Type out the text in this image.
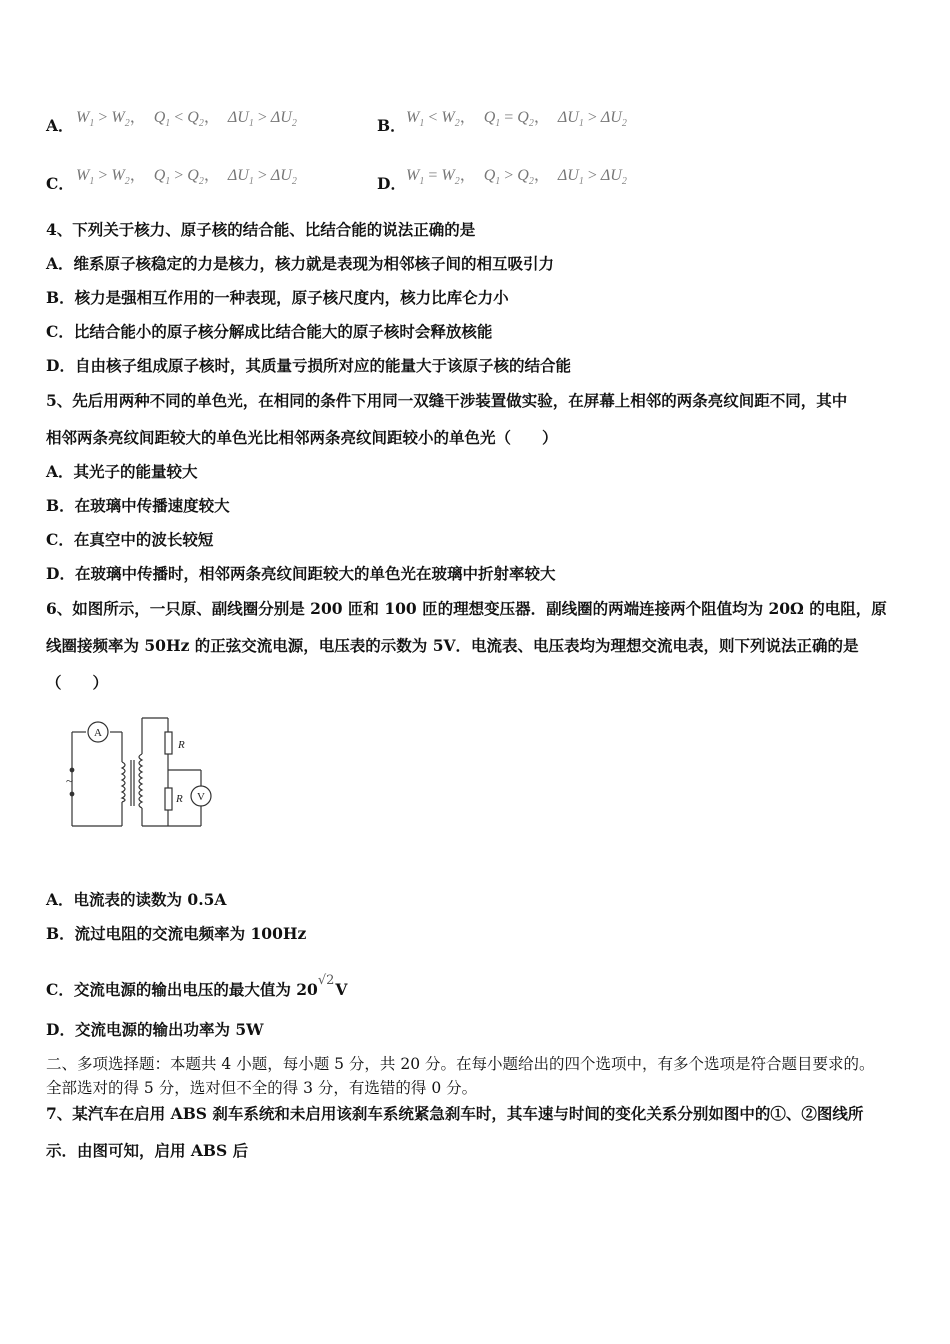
A． $W_1 > W_2$， $Q_1 < Q_2$， $\Delta U_1 > \Delta U_2$	B． $W_1 < W_2$， $Q_1 = Q_2$， $\Delta U_1 > \Delta U_2$
C． $W_1 > W_2$， $Q_1 > Q_2$， $\Delta U_1 > \Delta U_2$	D． $W_1 = W_2$， $Q_1 > Q_2$， $\Delta U_1 > \Delta U_2$
4、下列关于核力、原子核的结合能、比结合能的说法正确的是
A．维系原子核稳定的力是核力，核力就是表现为相邻核子间的相互吸引力
B．核力是强相互作用的一种表现，原子核尺度内，核力比库仑力小
C．比结合能小的原子核分解成比结合能大的原子核时会释放核能
D．自由核子组成原子核时，其质量亏损所对应的能量大于该原子核的结合能
5、先后用两种不同的单色光，在相同的条件下用同一双缝干涉装置做实验，在屏幕上相邻的两条亮纹间距不同，其中
相邻两条亮纹间距较大的单色光比相邻两条亮纹间距较小的单色光（　　）
A．其光子的能量较大
B．在玻璃中传播速度较大
C．在真空中的波长较短
D．在玻璃中传播时，相邻两条亮纹间距较大的单色光在玻璃中折射率较大
6、如图所示，一只原、副线圈分别是 200 匝和 100 匝的理想变压器．副线圈的两端连接两个阻值均为 20Ω 的电阻，原
线圈接频率为 50Hz 的正弦交流电源，电压表的示数为 5V．电流表、电压表均为理想交流电表，则下列说法正确的是
（　　）
A
V
R
R
~
A．电流表的读数为 0.5A
B．流过电阻的交流电频率为 100Hz
C．交流电源的输出电压的最大值为 20√2V
D．交流电源的输出功率为 5W
二、多项选择题：本题共 4 小题，每小题 5 分，共 20 分。在每小题给出的四个选项中，有多个选项是符合题目要求的。
全部选对的得 5 分，选对但不全的得 3 分，有选错的得 0 分。
7、某汽车在启用 ABS 刹车系统和未启用该刹车系统紧急刹车时，其车速与时间的变化关系分别如图中的①、②图线所
示．由图可知，启用 ABS 后
